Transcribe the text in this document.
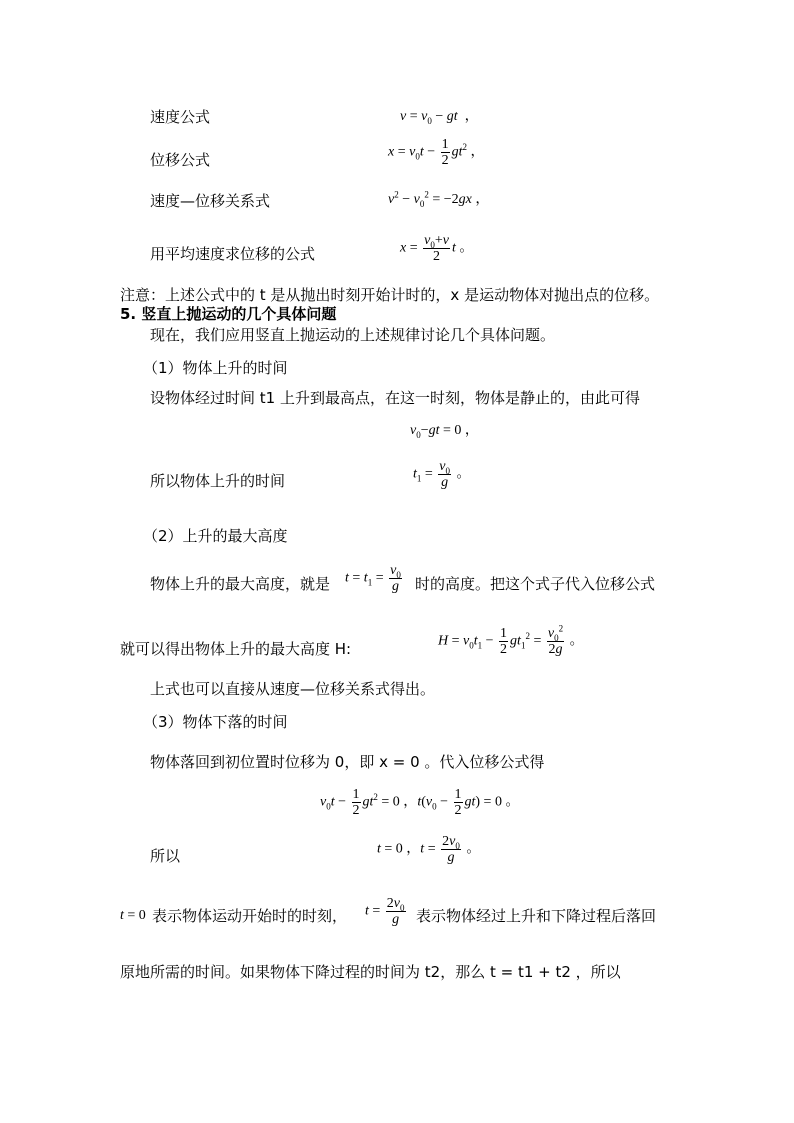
速度公式	$v = v_0$ − gt  ，
位移公式	$x = v_0t - \frac{1}{2} gt^2$ ，
速度—位移关系式	$v^2 - v_0^2 = -2gx$ ，
用平均速度求位移的公式	$x = \frac{v_0+v}{2}$ t 。
注意：上述公式中的 t 是从抛出时刻开始计时的，x 是运动物体对抛出点的位移。
5. 竖直上抛运动的几个具体问题
现在，我们应用竖直上抛运动的上述规律讨论几个具体问题。
（1）物体上升的时间
设物体经过时间 t1 上升到最高点，在这一时刻，物体是静止的，由此可得
$v_0-gt = 0$ ，
所以物体上升的时间	$t_1 = \frac{v_0}{g}$ 。
（2）上升的最大高度
物体上升的最大高度，就是 $t = t_1 = \frac{v_0}{g}$ 时的高度。把这个式子代入位移公式
就可以得出物体上升的最大高度 H:	$H = v_0t_1 - \frac{1}{2} gt_1^2 = \frac{v_0^2}{2g}$ 。
上式也可以直接从速度—位移关系式得出。
（3）物体下落的时间
物体落回到初位置时位移为 0，即 x = 0 。代入位移公式得
$v_0t - \frac{1}{2} gt^2 = 0$ ，$t(v_0 - \frac{1}{2} gt) = 0$ 。
所以	t = 0 ，$t = \frac{2v_0}{g}$ 。
t = 0 表示物体运动开始时的时刻， $t = \frac{2v_0}{g}$ 表示物体经过上升和下降过程后落回
原地所需的时间。如果物体下降过程的时间为 t2，那么 t = t1 + t2 ，所以
